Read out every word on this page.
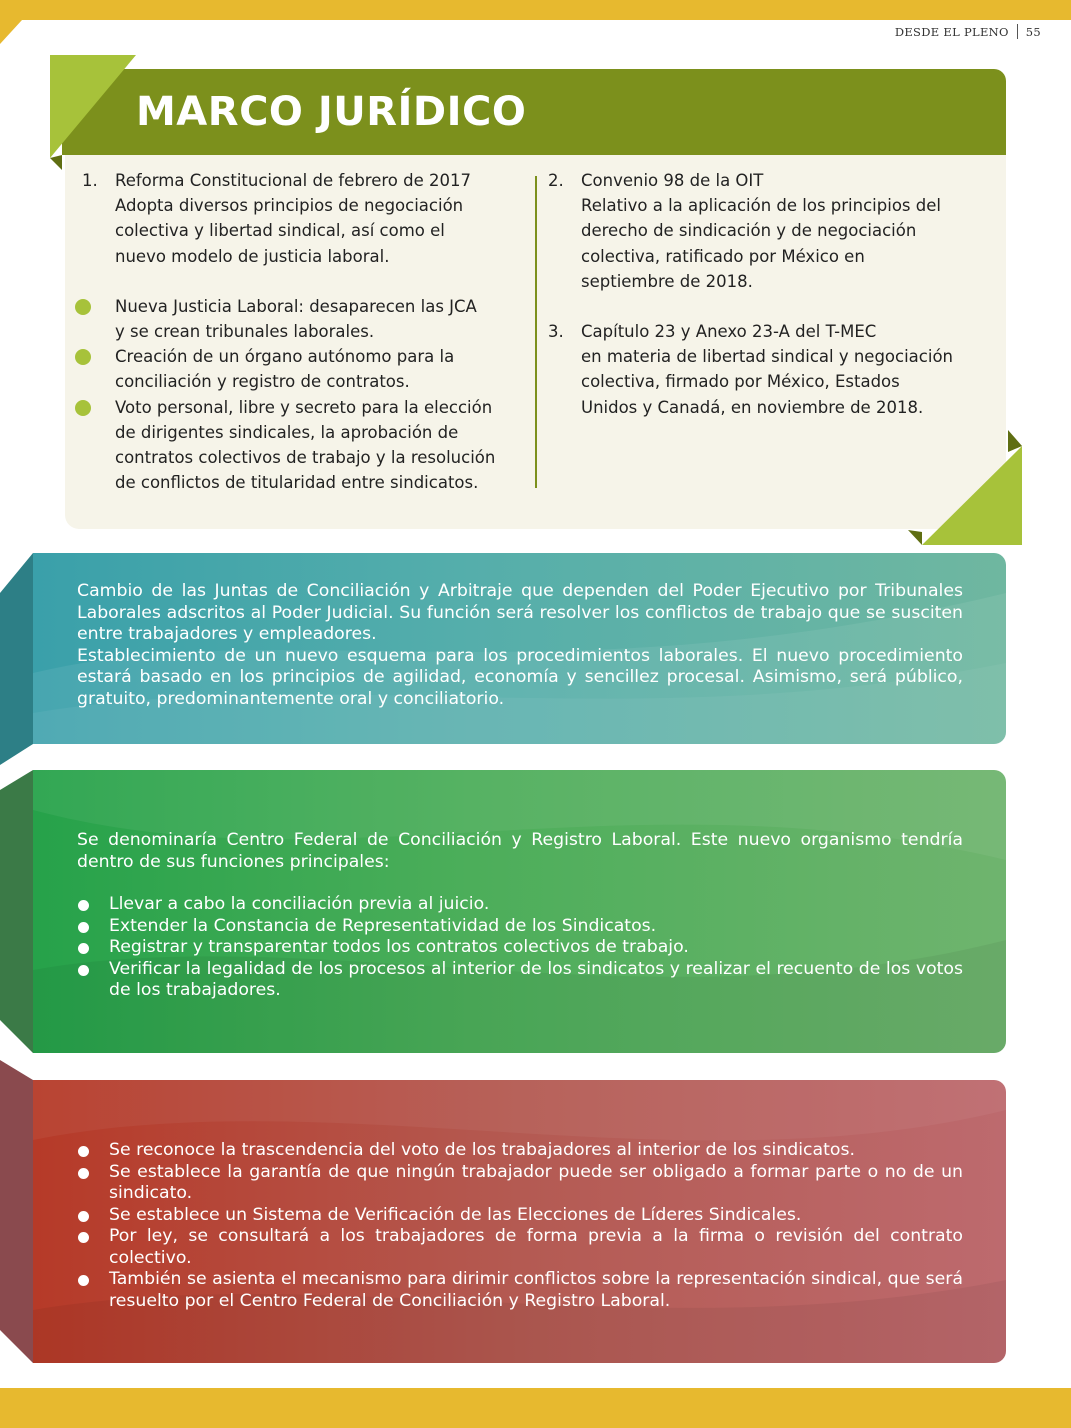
DESDE EL PLENO 55
MARCO JURÍDICO
1. Reforma Constitucional de febrero de 2017
Adopta diversos principios de negociación
colectiva y libertad sindical, así como el
nuevo modelo de justicia laboral.
Nueva Justicia Laboral: desaparecen las JCA
y se crean tribunales laborales.
Creación de un órgano autónomo para la
conciliación y registro de contratos.
Voto personal, libre y secreto para la elección
de dirigentes sindicales, la aprobación de
contratos colectivos de trabajo y la resolución
de conflictos de titularidad entre sindicatos.
2. Convenio 98 de la OIT
Relativo a la aplicación de los principios del
derecho de sindicación y de negociación
colectiva, ratificado por México en
septiembre de 2018.
3. Capítulo 23 y Anexo 23-A del T-MEC
en materia de libertad sindical y negociación
colectiva, firmado por México, Estados
Unidos y Canadá, en noviembre de 2018.

Cambio de las Juntas de Conciliación y Arbitraje que dependen del Poder Ejecutivo por Tribunales Laborales adscritos al Poder Judicial. Su función será resolver los conflictos de trabajo que se susciten entre trabajadores y empleadores.

Establecimiento de un nuevo esquema para los procedimientos laborales. El nuevo procedimiento estará basado en los principios de agilidad, economía y sencillez procesal. Asimismo, será público, gratuito, predominantemente oral y conciliatorio.

Se denominaría Centro Federal de Conciliación y Registro Laboral. Este nuevo organismo tendría dentro de sus funciones principales:

Llevar a cabo la conciliación previa al juicio.
Extender la Constancia de Representatividad de los Sindicatos.
Registrar y transparentar todos los contratos colectivos de trabajo.
Verificar la legalidad de los procesos al interior de los sindicatos y realizar el recuento de los votos de los trabajadores.
Se reconoce la trascendencia del voto de los trabajadores al interior de los sindicatos.
Se establece la garantía de que ningún trabajador puede ser obligado a formar parte o no de un sindicato.
Se establece un Sistema de Verificación de las Elecciones de Líderes Sindicales.
Por ley, se consultará a los trabajadores de forma previa a la firma o revisión del contrato colectivo.
También se asienta el mecanismo para dirimir conflictos sobre la representación sindical, que será resuelto por el Centro Federal de Conciliación y Registro Laboral.
